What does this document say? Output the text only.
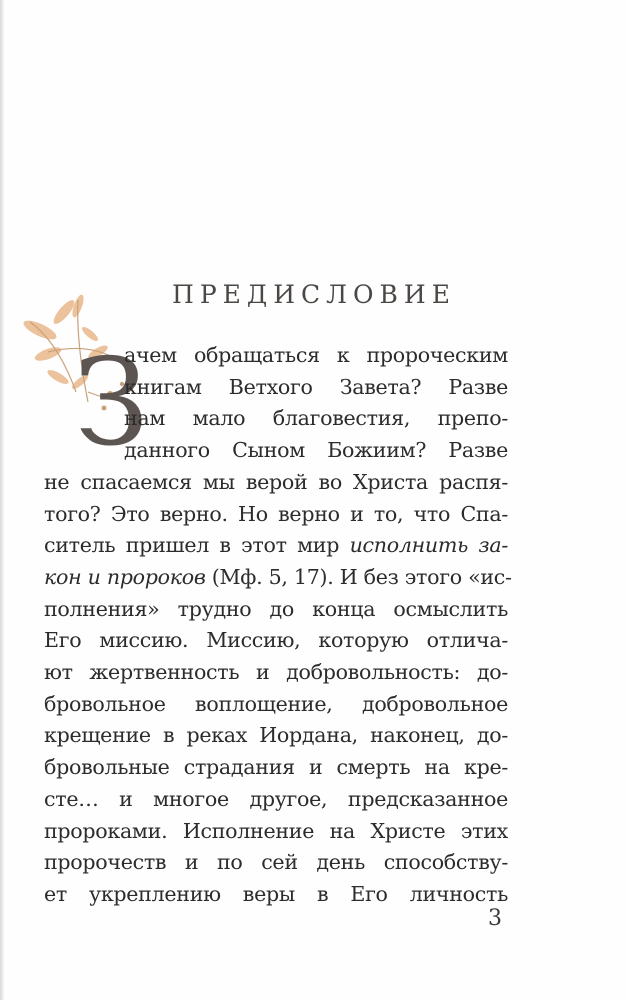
ПРЕДИСЛОВИЕ
З
ачем обращаться к пророческим
книгам Ветхого Завета? Разве
нам мало благовестия, препо-
данного Сыном Божиим? Разве
не спасаемся мы верой во Христа распя-
того? Это верно. Но верно и то, что Спа-
ситель пришел в этот мир исполнить за-
кон и пророков (Мф. 5, 17). И без этого «ис-
полнения» трудно до конца осмыслить
Его миссию. Миссию, которую отлича-
ют жертвенность и добровольность: до-
бровольное воплощение, добровольное
крещение в реках Иордана, наконец, до-
бровольные страдания и смерть на кре-
сте… и многое другое, предсказанное
пророками. Исполнение на Христе этих
пророчеств и по сей день способству-
ет укреплению веры в Его личность
3
